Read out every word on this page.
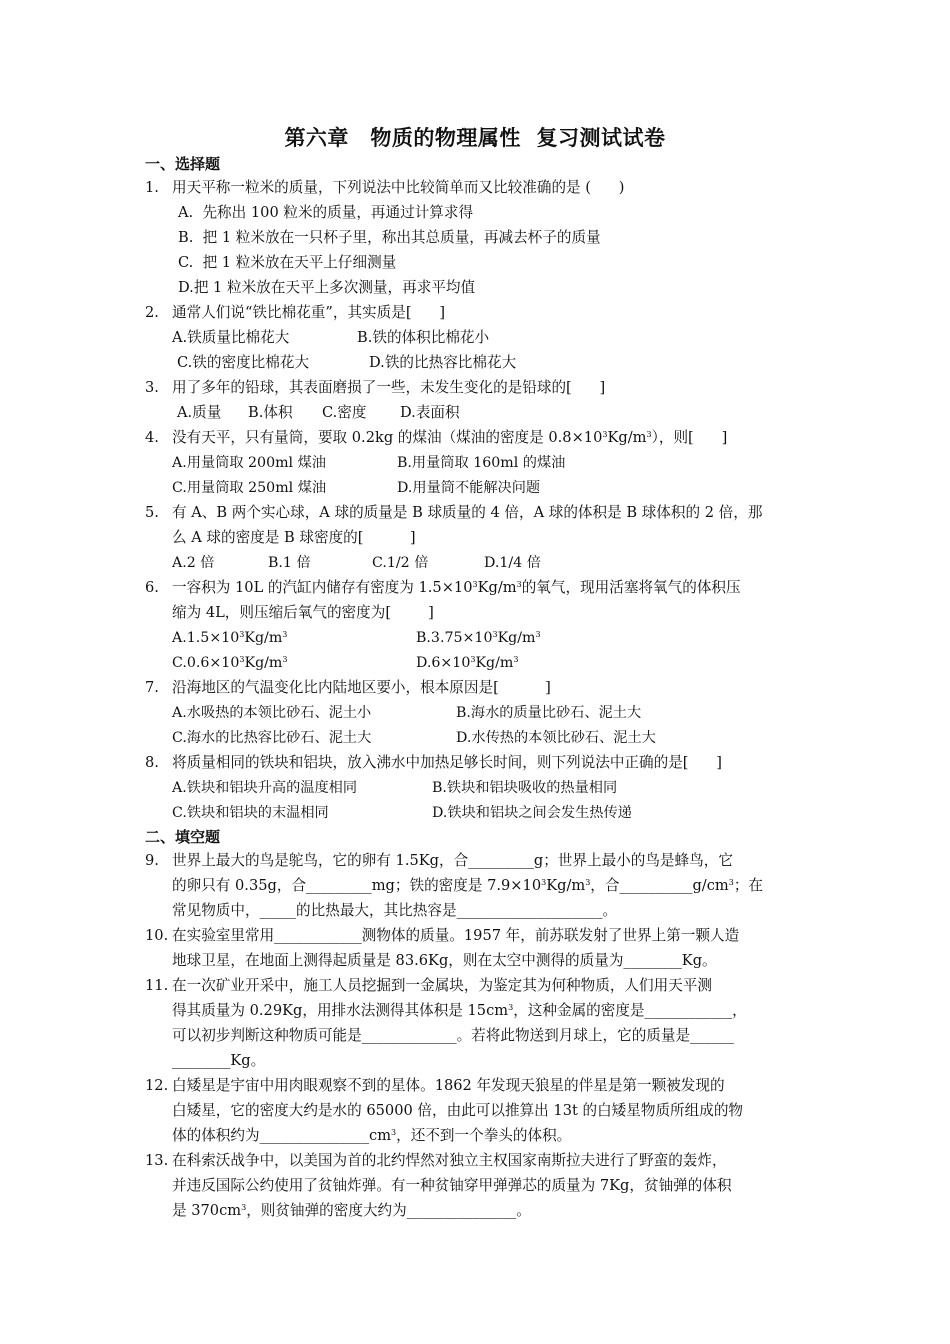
第六章　物质的物理属性  复习测试试卷
一、选择题
1. 用天平称一粒米的质量，下列说法中比较简单而又比较准确的是 (      )
A.  先称出 100 粒米的质量，再通过计算求得
B.  把 1 粒米放在一只杯子里，称出其总质量，再减去杯子的质量
C.  把 1 粒米放在天平上仔细测量
D.把 1 粒米放在天平上多次测量，再求平均值
2. 通常人们说“铁比棉花重”，其实质是[      ]
A.铁质量比棉花大	B.铁的体积比棉花小
C.铁的密度比棉花大	D.铁的比热容比棉花大
3. 用了多年的铅球，其表面磨损了一些，未发生变化的是铅球的[      ]
A.质量 B.体积 C.密度 D.表面积
4. 没有天平，只有量筒，要取 0.2kg 的煤油（煤油的密度是 $0.8\times 10^3Kg/m^3$），则[      ]
A.用量筒取 200ml 煤油	B.用量筒取 160ml 的煤油
C.用量筒取 250ml 煤油	D.用量筒不能解决问题
5. 有 A、B 两个实心球，A 球的质量是 B 球质量的 4 倍，A 球的体积是 B 球体积的 2 倍，那
么 A 球的密度是 B 球密度的[          ]
A.2 倍	B.1 倍	C.1/2 倍	D.1/4 倍
6. 一容积为 10L 的汽缸内储存有密度为 $1.5\times 10^3Kg/m^3$的氧气，现用活塞将氧气的体积压
缩为 4L，则压缩后氧气的密度为[        ]
$A.1.5\times 10^3Kg/m^3$	$B.3.75\times 10^3Kg/m^3$
$C.0.6\times 10^3Kg/m^3$	$D.6\times 10^3Kg/m^3$
7. 沿海地区的气温变化比内陆地区要小，根本原因是[          ]
A.水吸热的本领比砂石、泥土小	B.海水的质量比砂石、泥土大
C.海水的比热容比砂石、泥土大	D.水传热的本领比砂石、泥土大
8. 将质量相同的铁块和铝块，放入沸水中加热足够长时间，则下列说法中正确的是[      ]
A.铁块和铝块升高的温度相同	B.铁块和铝块吸收的热量相同
C.铁块和铝块的末温相同	D.铁块和铝块之间会发生热传递
二、填空题
9. 世界上最大的鸟是鸵鸟，它的卵有 1.5Kg，合_________g；世界上最小的鸟是蜂鸟，它
的卵只有 0.35g，合_________mg；铁的密度是 $7.9\times 10^3Kg/m^3$，合$\_\_\_\_\_\_\_\_\_\_g/cm^3$；在
常见物质中，_____的比热最大，其比热容是____________________。
10. 在实验室里常用____________测物体的质量。1957 年，前苏联发射了世界上第一颗人造
地球卫星，在地面上测得起质量是 83.6Kg，则在太空中测得的质量为________Kg。
11. 在一次矿业开采中，施工人员挖掘到一金属块，为鉴定其为何种物质，人们用天平测
得其质量为 0.29Kg，用排水法测得其体积是 $15cm^3$，这种金属的密度是____________，
可以初步判断这种物质可能是_____________。若将此物送到月球上，它的质量是______
________Kg。
12. 白矮星是宇宙中用肉眼观察不到的星体。1862 年发现天狼星的伴星是第一颗被发现的
白矮星，它的密度大约是水的 65000 倍，由此可以推算出 13t 的白矮星物质所组成的物
体的体积约为$\_\_\_\_\_\_\_\_\_\_\_\_\_\_\_cm^3$，还不到一个拳头的体积。
13. 在科索沃战争中，以美国为首的北约悍然对独立主权国家南斯拉夫进行了野蛮的轰炸，
并违反国际公约使用了贫铀炸弹。有一种贫铀穿甲弹弹芯的质量为 7Kg，贫铀弹的体积
是 $370cm^3$，则贫铀弹的密度大约为_______________。
